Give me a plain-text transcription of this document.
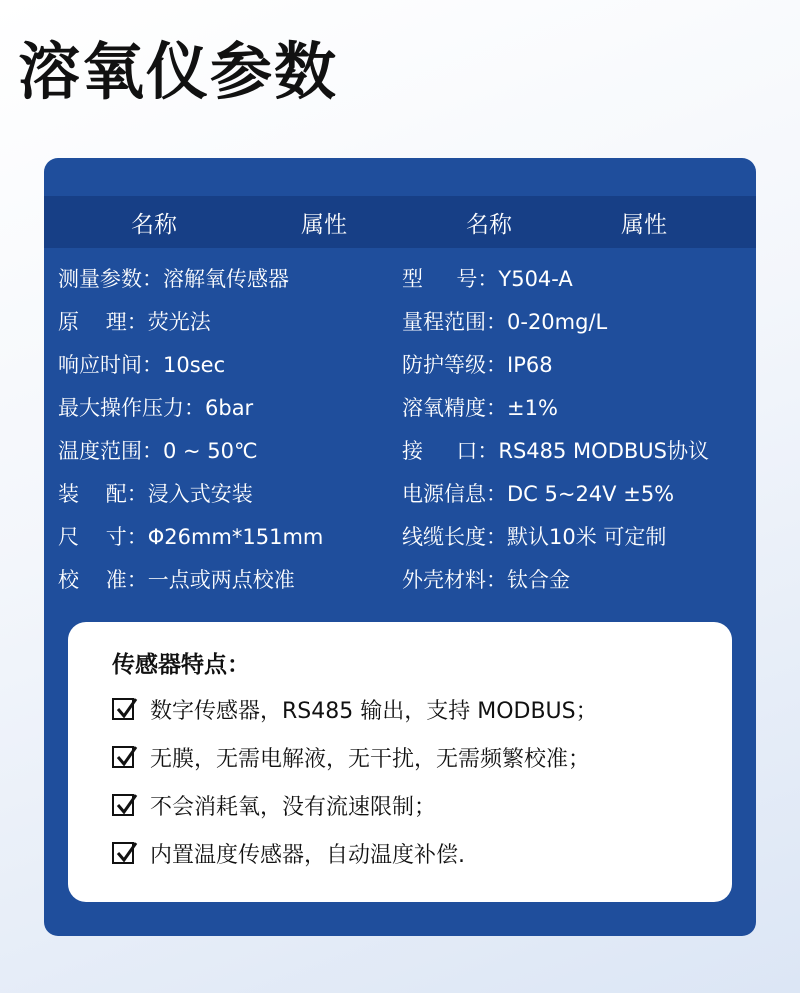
溶氧仪参数
名称	属性	名称	属性
测量参数：溶解氧传感器	型     号：Y504-A
原    理：荧光法	量程范围：0-20mg/L
响应时间：10sec	防护等级：IP68
最大操作压力：6bar	溶氧精度：±1%
温度范围：0 ~ 50℃	接     口：RS485 MODBUS协议
装    配：浸入式安装	电源信息：DC 5~24V ±5%
尺    寸：Φ26mm*151mm	线缆长度：默认10米 可定制
校    准：一点或两点校准	外壳材料：钛合金
传感器特点：
数字传感器，RS485 输出，支持 MODBUS；
无膜，无需电解液，无干扰，无需频繁校准；
不会消耗氧，没有流速限制；
内置温度传感器，自动温度补偿.
